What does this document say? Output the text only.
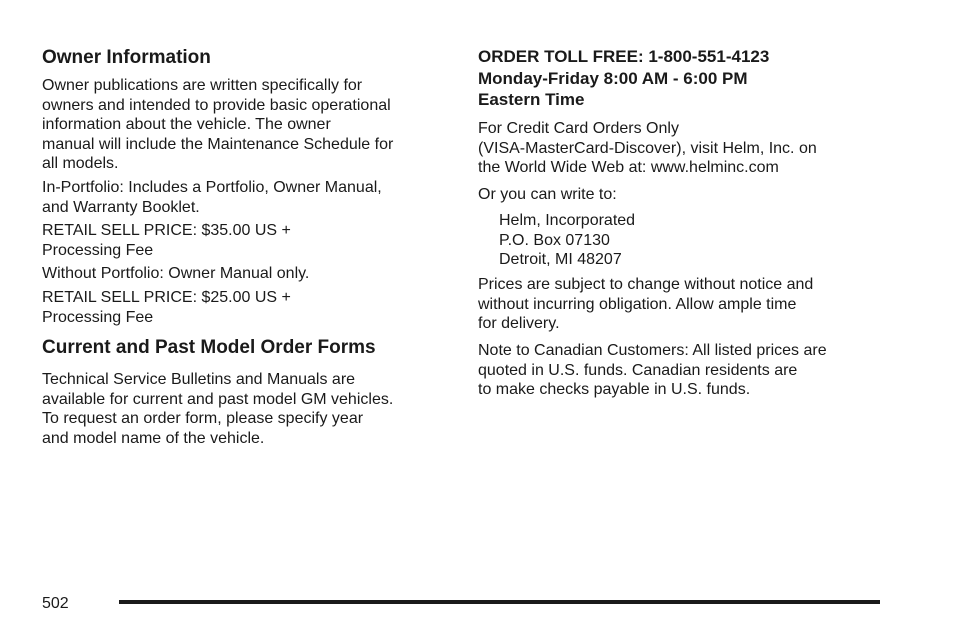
Owner Information
Owner publications are written specifically for
owners and intended to provide basic operational
information about the vehicle. The owner
manual will include the Maintenance Schedule for
all models.
In-Portfolio: Includes a Portfolio, Owner Manual,
and Warranty Booklet.
RETAIL SELL PRICE: $35.00 US +
Processing Fee
Without Portfolio: Owner Manual only.
RETAIL SELL PRICE: $25.00 US +
Processing Fee
Current and Past Model Order Forms
Technical Service Bulletins and Manuals are
available for current and past model GM vehicles.
To request an order form, please specify year
and model name of the vehicle.
ORDER TOLL FREE: 1-800-551-4123
Monday-Friday 8:00 AM - 6:00 PM
Eastern Time
For Credit Card Orders Only
(VISA-MasterCard-Discover), visit Helm, Inc. on
the World Wide Web at: www.helminc.com
Or you can write to:
Helm, Incorporated
P.O. Box 07130
Detroit, MI 48207
Prices are subject to change without notice and
without incurring obligation. Allow ample time
for delivery.
Note to Canadian Customers: All listed prices are
quoted in U.S. funds. Canadian residents are
to make checks payable in U.S. funds.
502
